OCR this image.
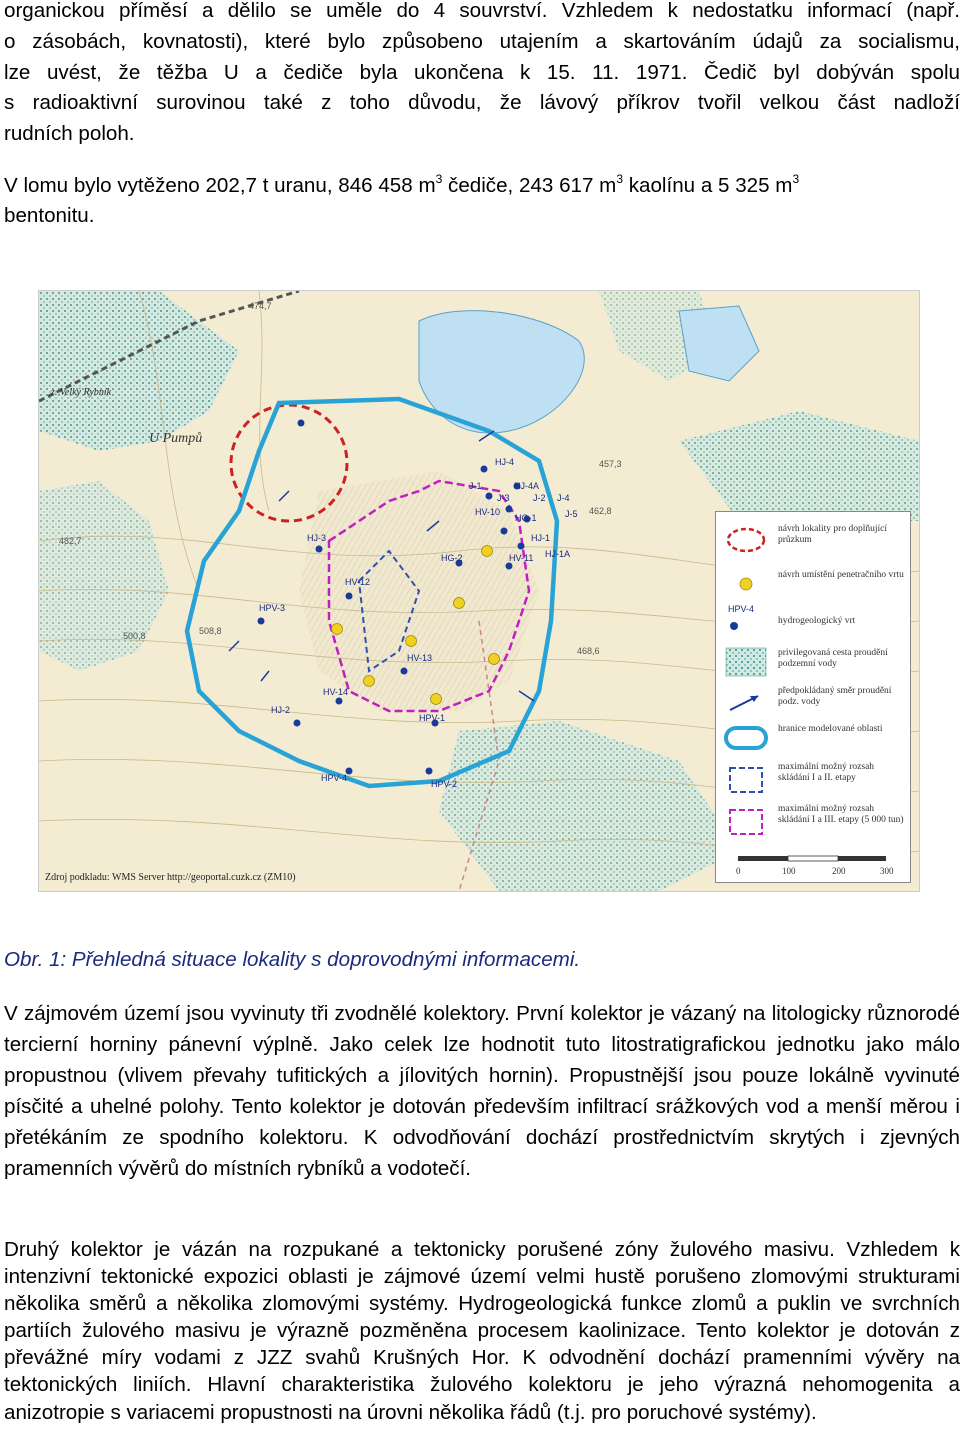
organickou příměsí a dělilo se uměle do 4 souvrství. Vzhledem k nedostatku informací (např.

o zásobách, kovnatosti), které bylo způsobeno utajením a skartováním údajů za socialismu,

lze uvést, že těžba U a čediče byla ukončena k 15. 11. 1971. Čedič byl dobýván spolu

s radioaktivní surovinou také z toho důvodu, že lávový příkrov tvořil velkou část nadloží

rudních poloh.

V lomu bylo vytěženo 202,7 t uranu, 846 458 $m^3$ čediče, 243 617 $m^3$ kaolínu a 5 325 $m^3$
bentonitu.
z. Velký Rybník
U Pumpů
474,7
482,7
500,8	508,8
468,6
462,8
457,3
HJ-4
J-1	HJ-4A
J-3	J-2 J-4
HV-10
HG-1	J-5
HJ-3
HG-2	HV-11
HJ-1
HJ-1A
HV-12
HPV-3
HV-13
HV-14
HJ-2
HPV-1
HPV-4
HPV-2
návrh lokality pro doplňující průzkum
návrh umístění penetračního vrtu
HPV-4
hydrogeologický vrt
privilegovaná cesta proudění podzemní vody
předpokládaný směr proudění podz. vody
hranice modelované oblasti
maximální možný rozsah skládání I a II. etapy
maximální možný rozsah skládání I a III. etapy (5 000 tun)
0	100	200	300
Zdroj podkladu: WMS Server http://geoportal.cuzk.cz (ZM10)

Obr. 1: Přehledná situace lokality s doprovodnými informacemi.

V zájmovém území jsou vyvinuty tři zvodnělé kolektory. První kolektor je vázaný na litologicky různorodé tercierní horniny pánevní výplně. Jako celek lze hodnotit tuto litostratigrafickou jednotku jako málo propustnou (vlivem převahy tufitických a jílovitých hornin). Propustnější jsou pouze lokálně vyvinuté písčité a uhelné polohy. Tento kolektor je dotován především infiltrací srážkových vod a menší měrou i přetékáním ze spodního kolektoru. K odvodňování dochází prostřednictvím skrytých i zjevných pramenních vývěrů do místních rybníků a vodotečí.

Druhý kolektor je vázán na rozpukané a tektonicky porušené zóny žulového masivu. Vzhledem k intenzivní tektonické expozici oblasti je zájmové území velmi hustě porušeno zlomovými strukturami několika směrů a několika zlomovými systémy. Hydrogeologická funkce zlomů a puklin ve svrchních partiích žulového masivu je výrazně pozměněna procesem kaolinizace. Tento kolektor je dotován z převážné míry vodami z JZZ svahů Krušných Hor. K odvodnění dochází pramenními vývěry na tektonických liniích. Hlavní charakteristika žulového kolektoru je jeho výrazná nehomogenita a anizotropie s variacemi propustnosti na úrovni několika řádů (t.j. pro poruchové systémy).
